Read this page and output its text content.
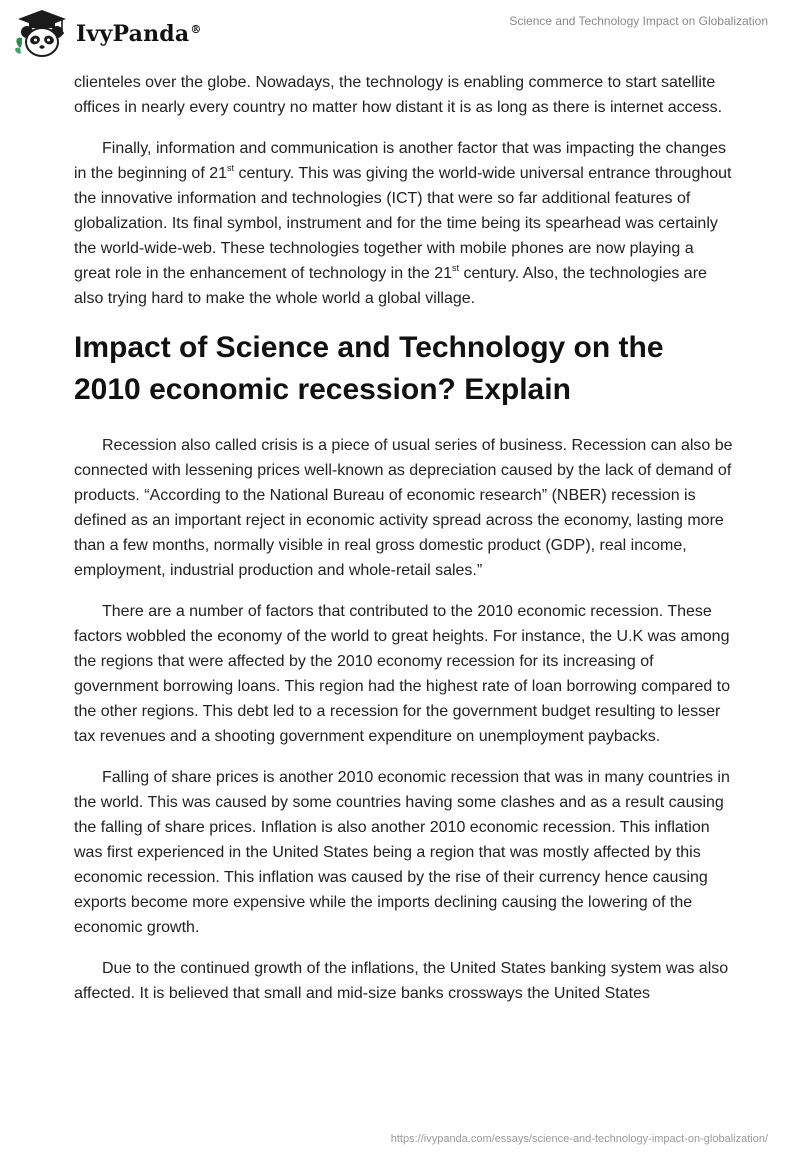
IvyPanda®
Science and Technology Impact on Globalization

clienteles over the globe. Nowadays, the technology is enabling commerce to start satellite offices in nearly every country no matter how distant it is as long as there is internet access.

Finally, information and communication is another factor that was impacting the changes in the beginning of 21st century. This was giving the world-wide universal entrance throughout the innovative information and technologies (ICT) that were so far additional features of globalization. Its final symbol, instrument and for the time being its spearhead was certainly the world-wide-web. These technologies together with mobile phones are now playing a great role in the enhancement of technology in the 21st century. Also, the technologies are also trying hard to make the whole world a global village.

Impact of Science and Technology on the 2010 economic recession? Explain

Recession also called crisis is a piece of usual series of business. Recession can also be connected with lessening prices well-known as depreciation caused by the lack of demand of products. “According to the National Bureau of economic research” (NBER) recession is defined as an important reject in economic activity spread across the economy, lasting more than a few months, normally visible in real gross domestic product (GDP), real income, employment, industrial production and whole-retail sales.”

There are a number of factors that contributed to the 2010 economic recession. These factors wobbled the economy of the world to great heights. For instance, the U.K was among the regions that were affected by the 2010 economy recession for its increasing of government borrowing loans. This region had the highest rate of loan borrowing compared to the other regions. This debt led to a recession for the government budget resulting to lesser tax revenues and a shooting government expenditure on unemployment paybacks.

Falling of share prices is another 2010 economic recession that was in many countries in the world. This was caused by some countries having some clashes and as a result causing the falling of share prices. Inflation is also another 2010 economic recession. This inflation was first experienced in the United States being a region that was mostly affected by this economic recession. This inflation was caused by the rise of their currency hence causing exports become more expensive while the imports declining causing the lowering of the economic growth.

Due to the continued growth of the inflations, the United States banking system was also affected. It is believed that small and mid-size banks crossways the United States

https://ivypanda.com/essays/science-and-technology-impact-on-globalization/
